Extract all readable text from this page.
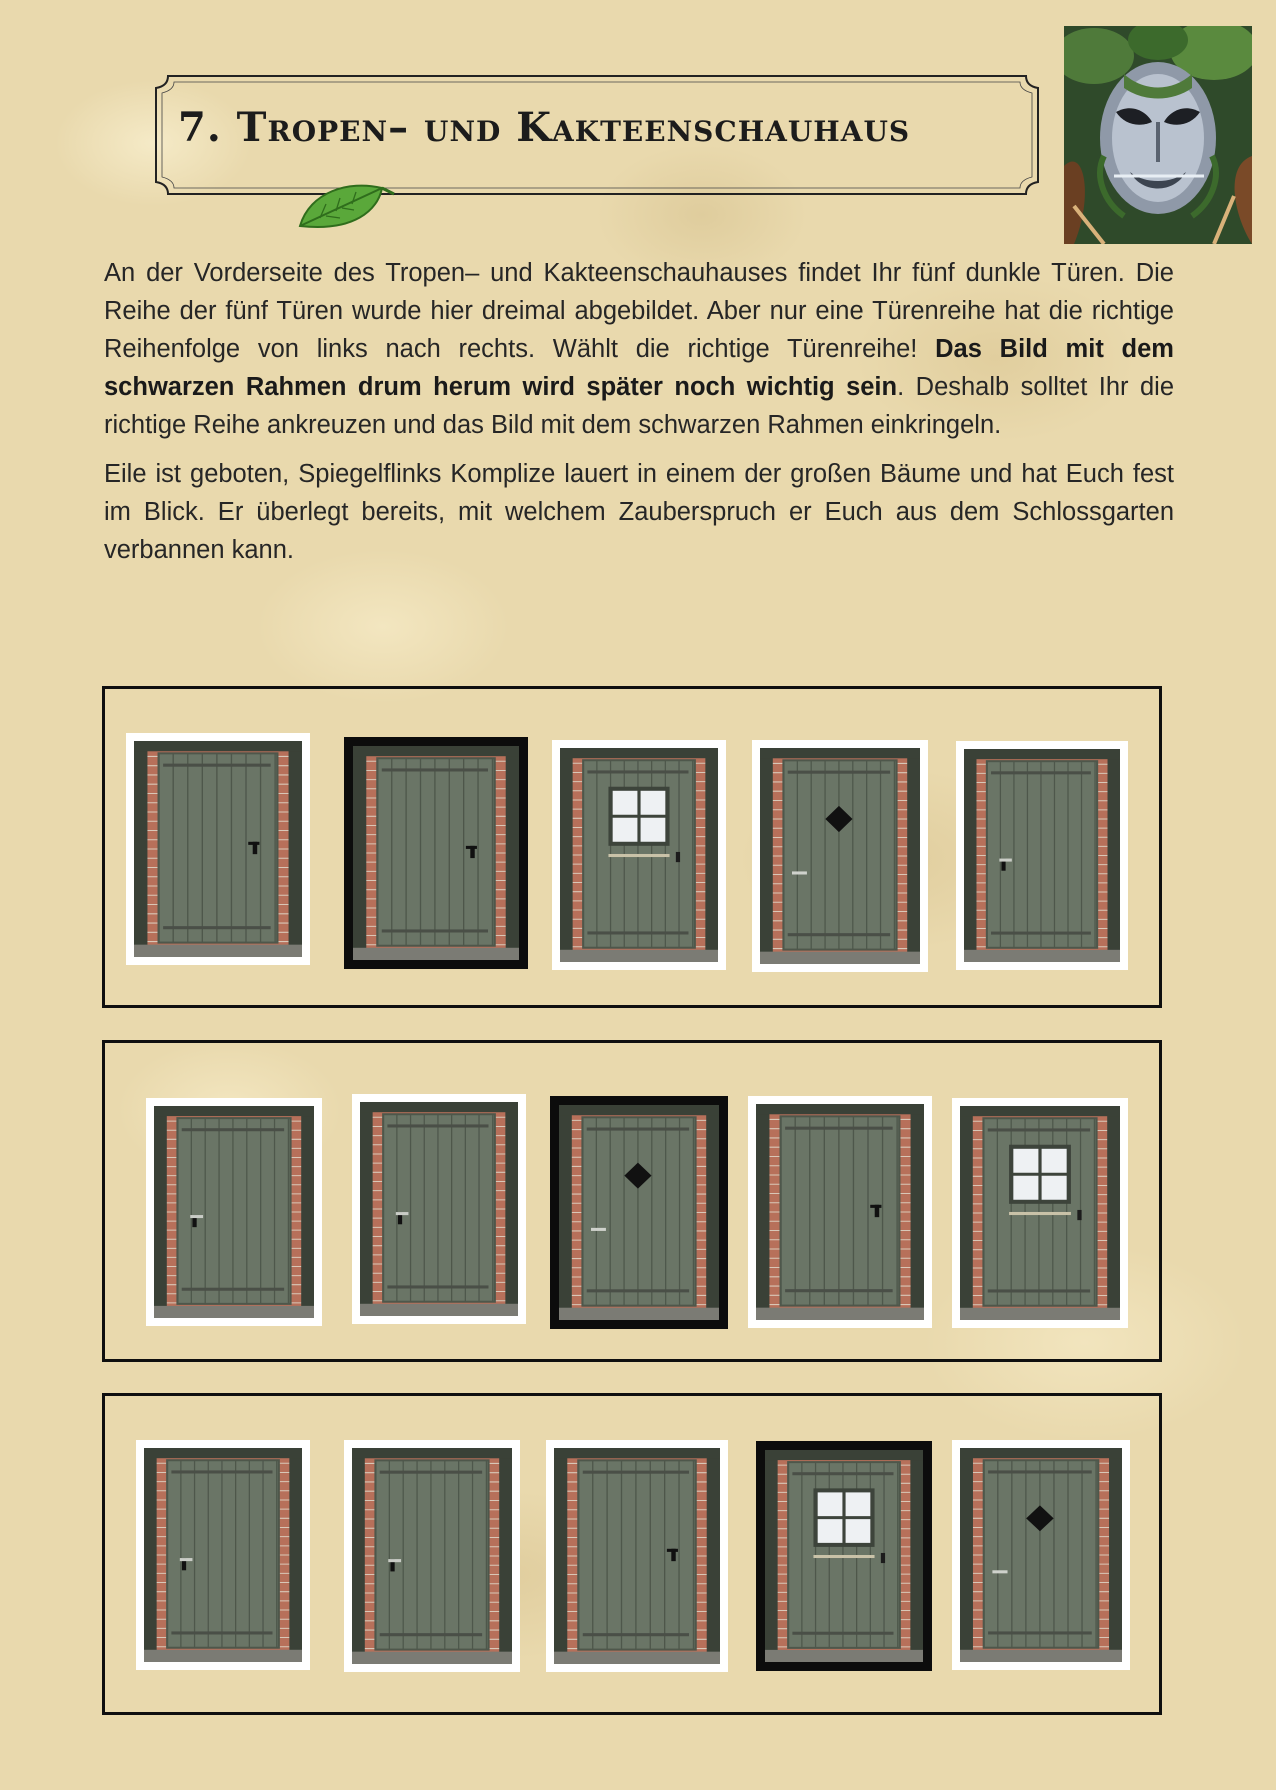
7. Tropen– und Kakteenschauhaus

An der Vorderseite des Tropen– und Kakteenschauhauses findet Ihr fünf dunkle Türen. Die Reihe der fünf Türen wurde hier dreimal abgebildet. Aber nur eine Türenreihe hat die richtige Reihenfolge von links nach rechts. Wählt die richtige Türenreihe! Das Bild mit dem schwarzen Rahmen drum herum wird später noch wichtig sein. Deshalb solltet Ihr die richtige Reihe ankreuzen und das Bild mit dem schwarzen Rahmen einkringeln.

Eile ist geboten, Spiegelflinks Komplize lauert in einem der großen Bäume und hat Euch fest im Blick. Er überlegt bereits, mit welchem Zauberspruch er Euch aus dem Schlossgarten verbannen kann.
